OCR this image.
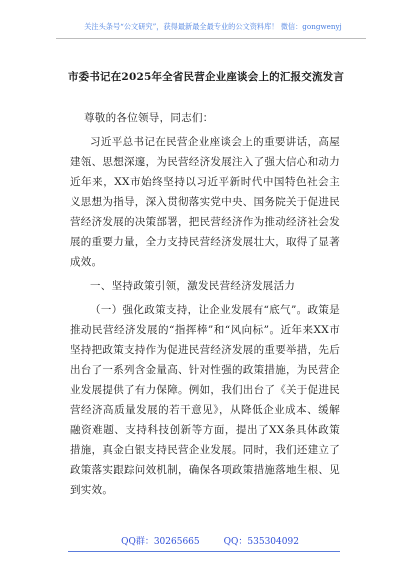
关注头条号“公文研究”，获得最新最全最专业的公文资料库！ 微信：gongwenyj
市委书记在2025年全省民营企业座谈会上的汇报交流发言

尊敬的各位领导，同志们：

习近平总书记在民营企业座谈会上的重要讲话，高屋建瓴、思想深邃，为民营经济发展注入了强大信心和动力近年来，XX市始终坚持以习近平新时代中国特色社会主义思想为指导，深入贯彻落实党中央、国务院关于促进民营经济发展的决策部署，把民营经济作为推动经济社会发展的重要力量，全力支持民营经济发展壮大，取得了显著成效。

一、坚持政策引领，激发民营经济发展活力

（一）强化政策支持，让企业发展有“底气”。政策是推动民营经济发展的“指挥棒”和“风向标”。近年来XX市坚持把政策支持作为促进民营经济发展的重要举措，先后出台了一系列含金量高、针对性强的政策措施，为民营企业发展提供了有力保障。例如，我们出台了《关于促进民营经济高质量发展的若干意见》，从降低企业成本、缓解融资难题、支持科技创新等方面，提出了XX条具体政策措施，真金白银支持民营企业发展。同时，我们还建立了政策落实跟踪问效机制，确保各项政策措施落地生根、见到实效。

QQ群：30265665	QQ：535304092
